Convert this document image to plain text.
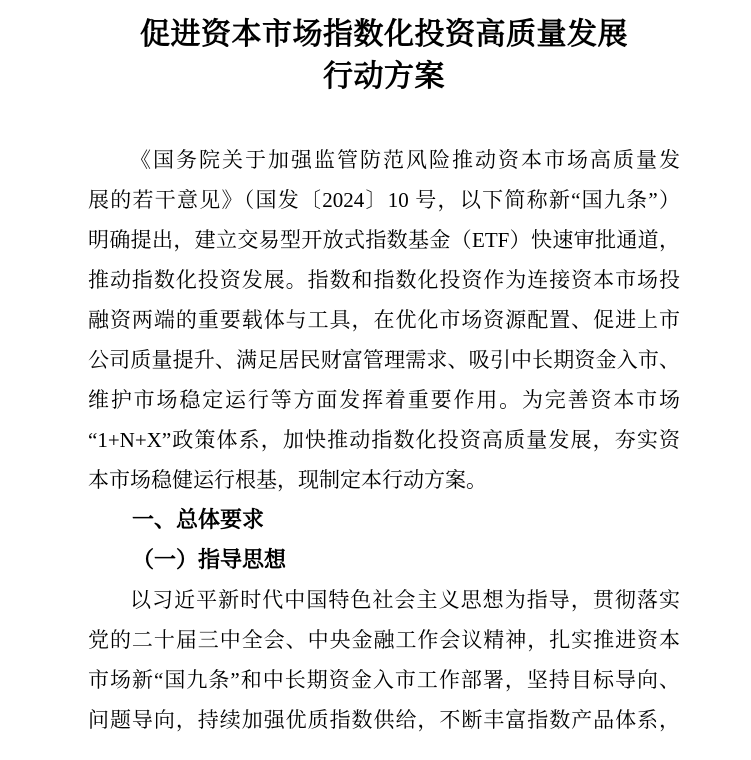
促进资本市场指数化投资高质量发展
行动方案
《国务院关于加强监管防范风险推动资本市场高质量发
展的若干意见》（国发〔2024〕10 号，以下简称新“国九条”）
明确提出，建立交易型开放式指数基金（ETF）快速审批通道，
推动指数化投资发展。指数和指数化投资作为连接资本市场投
融资两端的重要载体与工具，在优化市场资源配置、促进上市
公司质量提升、满足居民财富管理需求、吸引中长期资金入市、
维护市场稳定运行等方面发挥着重要作用。为完善资本市场
“1+N+X”政策体系，加快推动指数化投资高质量发展，夯实资
本市场稳健运行根基，现制定本行动方案。
一、总体要求
（一）指导思想
以习近平新时代中国特色社会主义思想为指导，贯彻落实
党的二十届三中全会、中央金融工作会议精神，扎实推进资本
市场新“国九条”和中长期资金入市工作部署，坚持目标导向、
问题导向，持续加强优质指数供给，不断丰富指数产品体系，
